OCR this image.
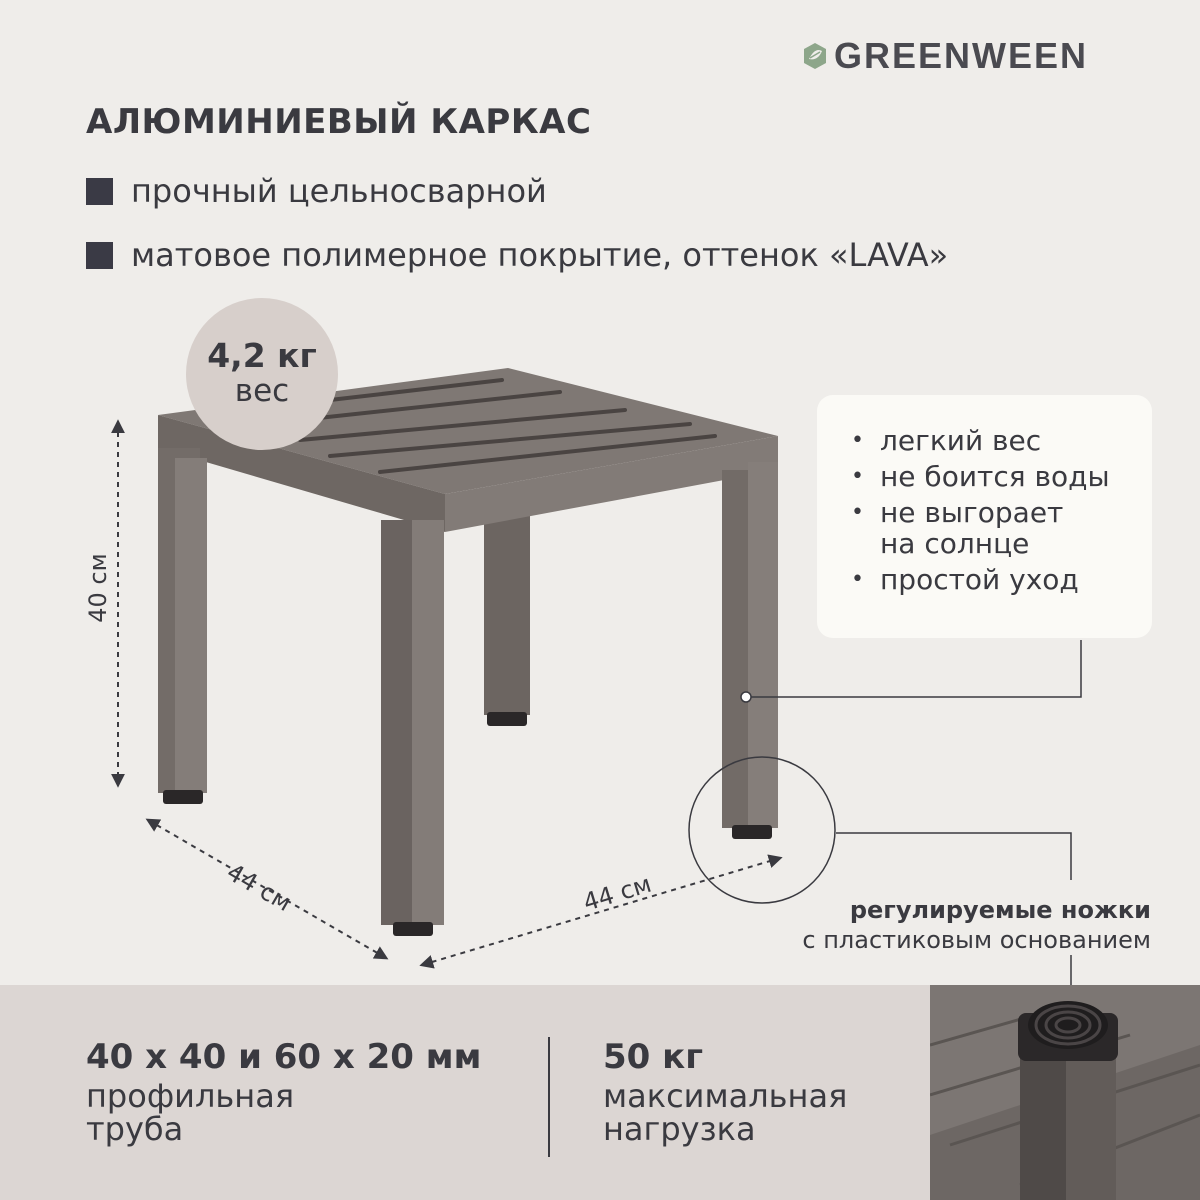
GREENWEEN
АЛЮМИНИЕВЫЙ КАРКАС
прочный цельносварной
матовое полимерное покрытие, оттенок «LAVA»
40 см
44 см	44 см
4,2 кг
вес
• легкий вес
• не боится воды
• не выгорает на солнце
• простой уход
регулируемые ножки
с пластиковым основанием
40 х 40 и 60 х 20 мм
профильная
труба
50 кг
максимальная
нагрузка
